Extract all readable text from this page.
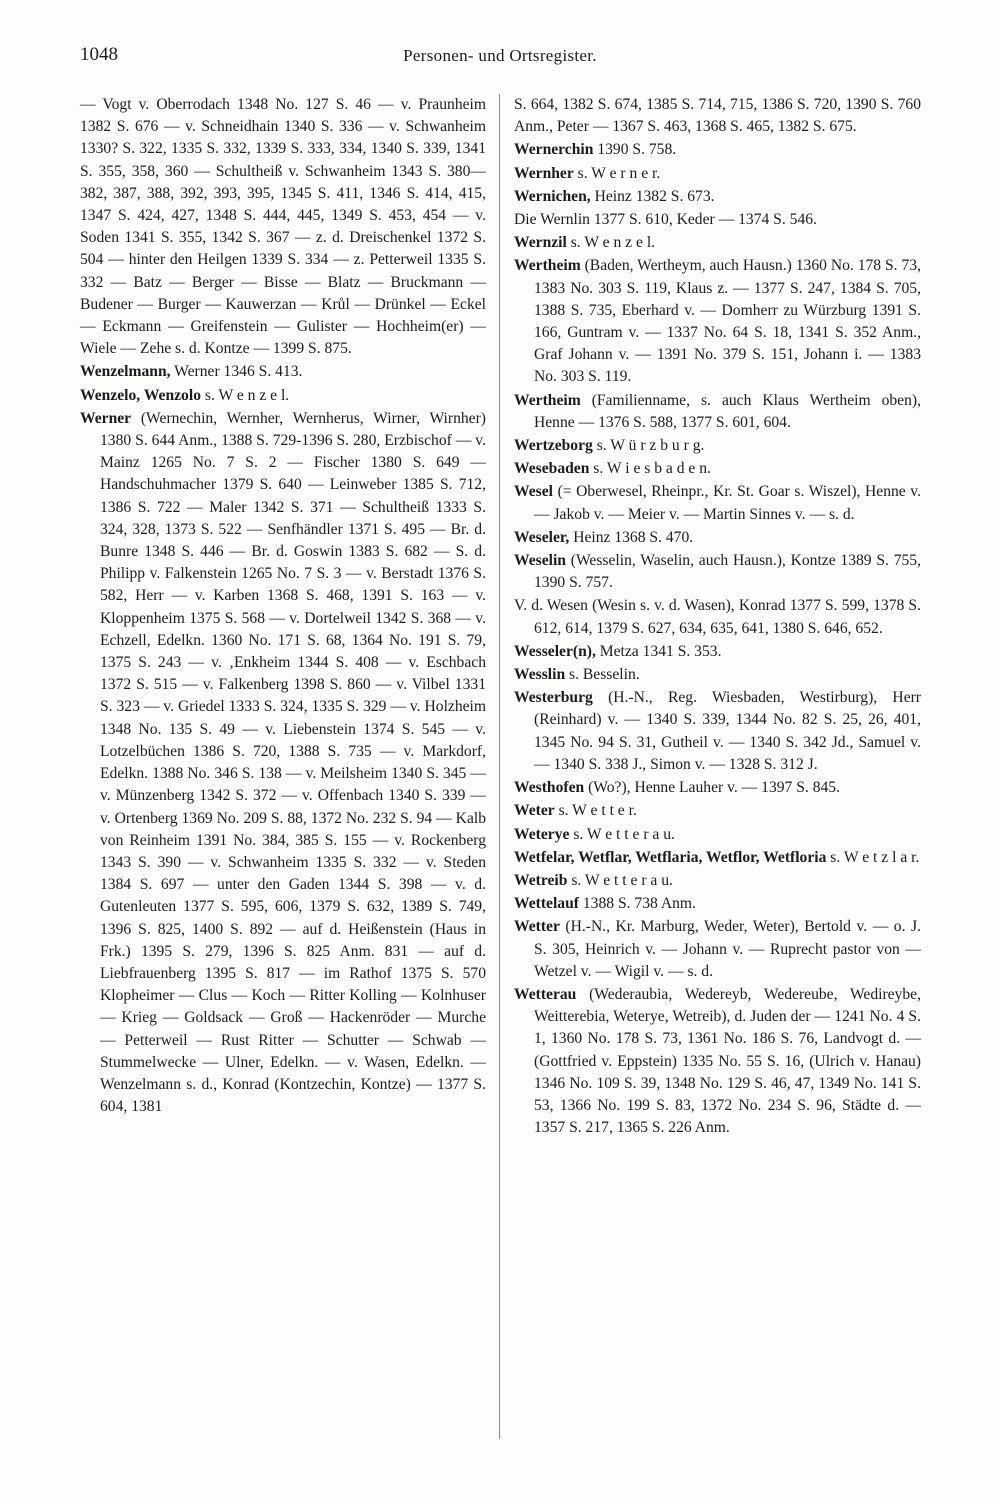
1048	Personen- und Ortsregister.
— Vogt v. Oberrodach 1348 No. 127 S. 46 — v. Praunheim 1382 S. 676 — v. Schneidhain 1340 S. 336 — v. Schwanheim 1330? S. 322, 1335 S. 332, 1339 S. 333, 334, 1340 S. 339, 1341 S. 355, 358, 360 — Schultheiß v. Schwanheim 1343 S. 380—382, 387, 388, 392, 393, 395, 1345 S. 411, 1346 S. 414, 415, 1347 S. 424, 427, 1348 S. 444, 445, 1349 S. 453, 454 — v. Soden 1341 S. 355, 1342 S. 367 — z. d. Dreischenkel 1372 S. 504 — hinter den Heilgen 1339 S. 334 — z. Petterweil 1335 S. 332 — Batz — Berger — Bisse — Blatz — Bruckmann — Budener — Burger — Kauwerzan — Krůl — Drünkel — Eckel — Eckmann — Greifenstein — Gulister — Hochheim(er) — Wiele — Zehe s. d. Kontze — 1399 S. 875.
Wenzelmann, Werner 1346 S. 413.
Wenzelo, Wenzolo s. W e n z e l.
Werner (Wernechin, Wernher, Wernherus, Wirner, Wirnher) 1380 S. 644 Anm., 1388 S. 729-1396 S. 280, Erzbischof — v. Mainz 1265 No. 7 S. 2 — Fischer 1380 S. 649 — Handschuhmacher 1379 S. 640 — Leinweber 1385 S. 712, 1386 S. 722 — Maler 1342 S. 371 — Schultheiß 1333 S. 324, 328, 1373 S. 522 — Senfhändler 1371 S. 495 — Br. d. Bunre 1348 S. 446 — Br. d. Goswin 1383 S. 682 — S. d. Philipp v. Falkenstein 1265 No. 7 S. 3 — v. Berstadt 1376 S. 582, Herr — v. Karben 1368 S. 468, 1391 S. 163 — v. Kloppenheim 1375 S. 568 — v. Dortelweil 1342 S. 368 — v. Echzell, Edelkn. 1360 No. 171 S. 68, 1364 No. 191 S. 79, 1375 S. 243 — v. ‚Enkheim 1344 S. 408 — v. Eschbach 1372 S. 515 — v. Falkenberg 1398 S. 860 — v. Vilbel 1331 S. 323 — v. Griedel 1333 S. 324, 1335 S. 329 — v. Holzheim 1348 No. 135 S. 49 — v. Liebenstein 1374 S. 545 — v. Lotzelbüchen 1386 S. 720, 1388 S. 735 — v. Markdorf, Edelkn. 1388 No. 346 S. 138 — v. Meilsheim 1340 S. 345 — v. Münzenberg 1342 S. 372 — v. Offenbach 1340 S. 339 — v. Ortenberg 1369 No. 209 S. 88, 1372 No. 232 S. 94 — Kalb von Reinheim 1391 No. 384, 385 S. 155 — v. Rockenberg 1343 S. 390 — v. Schwanheim 1335 S. 332 — v. Steden 1384 S. 697 — unter den Gaden 1344 S. 398 — v. d. Gutenleuten 1377 S. 595, 606, 1379 S. 632, 1389 S. 749, 1396 S. 825, 1400 S. 892 — auf d. Heißenstein (Haus in Frk.) 1395 S. 279, 1396 S. 825 Anm. 831 — auf d. Liebfrauenberg 1395 S. 817 — im Rathof 1375 S. 570 Klopheimer — Clus — Koch — Ritter Kolling — Kolnhuser — Krieg — Goldsack — Groß — Hackenröder — Murche — Petterweil — Rust Ritter — Schutter — Schwab — Stummelwecke — Ulner, Edelkn. — v. Wasen, Edelkn. — Wenzelmann s. d., Konrad (Kontzechin, Kontze) — 1377 S. 604, 1381
S. 664, 1382 S. 674, 1385 S. 714, 715, 1386 S. 720, 1390 S. 760 Anm., Peter — 1367 S. 463, 1368 S. 465, 1382 S. 675.
Wernerchin 1390 S. 758.
Wernher s. W e r n e r.
Wernichen, Heinz 1382 S. 673.
Die Wernlin 1377 S. 610, Keder — 1374 S. 546.
Wernzil s. W e n z e l.
Wertheim (Baden, Wertheym, auch Hausn.) 1360 No. 178 S. 73, 1383 No. 303 S. 119, Klaus z. — 1377 S. 247, 1384 S. 705, 1388 S. 735, Eberhard v. — Domherr zu Würzburg 1391 S. 166, Guntram v. — 1337 No. 64 S. 18, 1341 S. 352 Anm., Graf Johann v. — 1391 No. 379 S. 151, Johann i. — 1383 No. 303 S. 119.
Wertheim (Familienname, s. auch Klaus Wertheim oben), Henne — 1376 S. 588, 1377 S. 601, 604.
Wertzeborg s. W ü r z b u r g.
Wesebaden s. W i e s b a d e n.
Wesel (= Oberwesel, Rheinpr., Kr. St. Goar s. Wiszel), Henne v. — Jakob v. — Meier v. — Martin Sinnes v. — s. d.
Weseler, Heinz 1368 S. 470.
Weselin (Wesselin, Waselin, auch Hausn.), Kontze 1389 S. 755, 1390 S. 757.
V. d. Wesen (Wesin s. v. d. Wasen), Konrad 1377 S. 599, 1378 S. 612, 614, 1379 S. 627, 634, 635, 641, 1380 S. 646, 652.
Wesseler(n), Metza 1341 S. 353.
Wesslin s. Besselin.
Westerburg (H.-N., Reg. Wiesbaden, Westirburg), Herr (Reinhard) v. — 1340 S. 339, 1344 No. 82 S. 25, 26, 401, 1345 No. 94 S. 31, Gutheil v. — 1340 S. 342 Jd., Samuel v. — 1340 S. 338 J., Simon v. — 1328 S. 312 J.
Westhofen (Wo?), Henne Lauher v. — 1397 S. 845.
Weter s. W e t t e r.
Weterye s. W e t t e r a u.
Wetfelar, Wetflar, Wetflaria, Wetflor, Wetfloria s. W e t z l a r.
Wetreib s. W e t t e r a u.
Wettelauf 1388 S. 738 Anm.
Wetter (H.-N., Kr. Marburg, Weder, Weter), Bertold v. — o. J. S. 305, Heinrich v. — Johann v. — Ruprecht pastor von — Wetzel v. — Wigil v. — s. d.
Wetterau (Wederaubia, Wedereyb, Wedereube, Wedireybe, Weitterebia, Weterye, Wetreib), d. Juden der — 1241 No. 4 S. 1, 1360 No. 178 S. 73, 1361 No. 186 S. 76, Landvogt d. — (Gottfried v. Eppstein) 1335 No. 55 S. 16, (Ulrich v. Hanau) 1346 No. 109 S. 39, 1348 No. 129 S. 46, 47, 1349 No. 141 S. 53, 1366 No. 199 S. 83, 1372 No. 234 S. 96, Städte d. — 1357 S. 217, 1365 S. 226 Anm.
